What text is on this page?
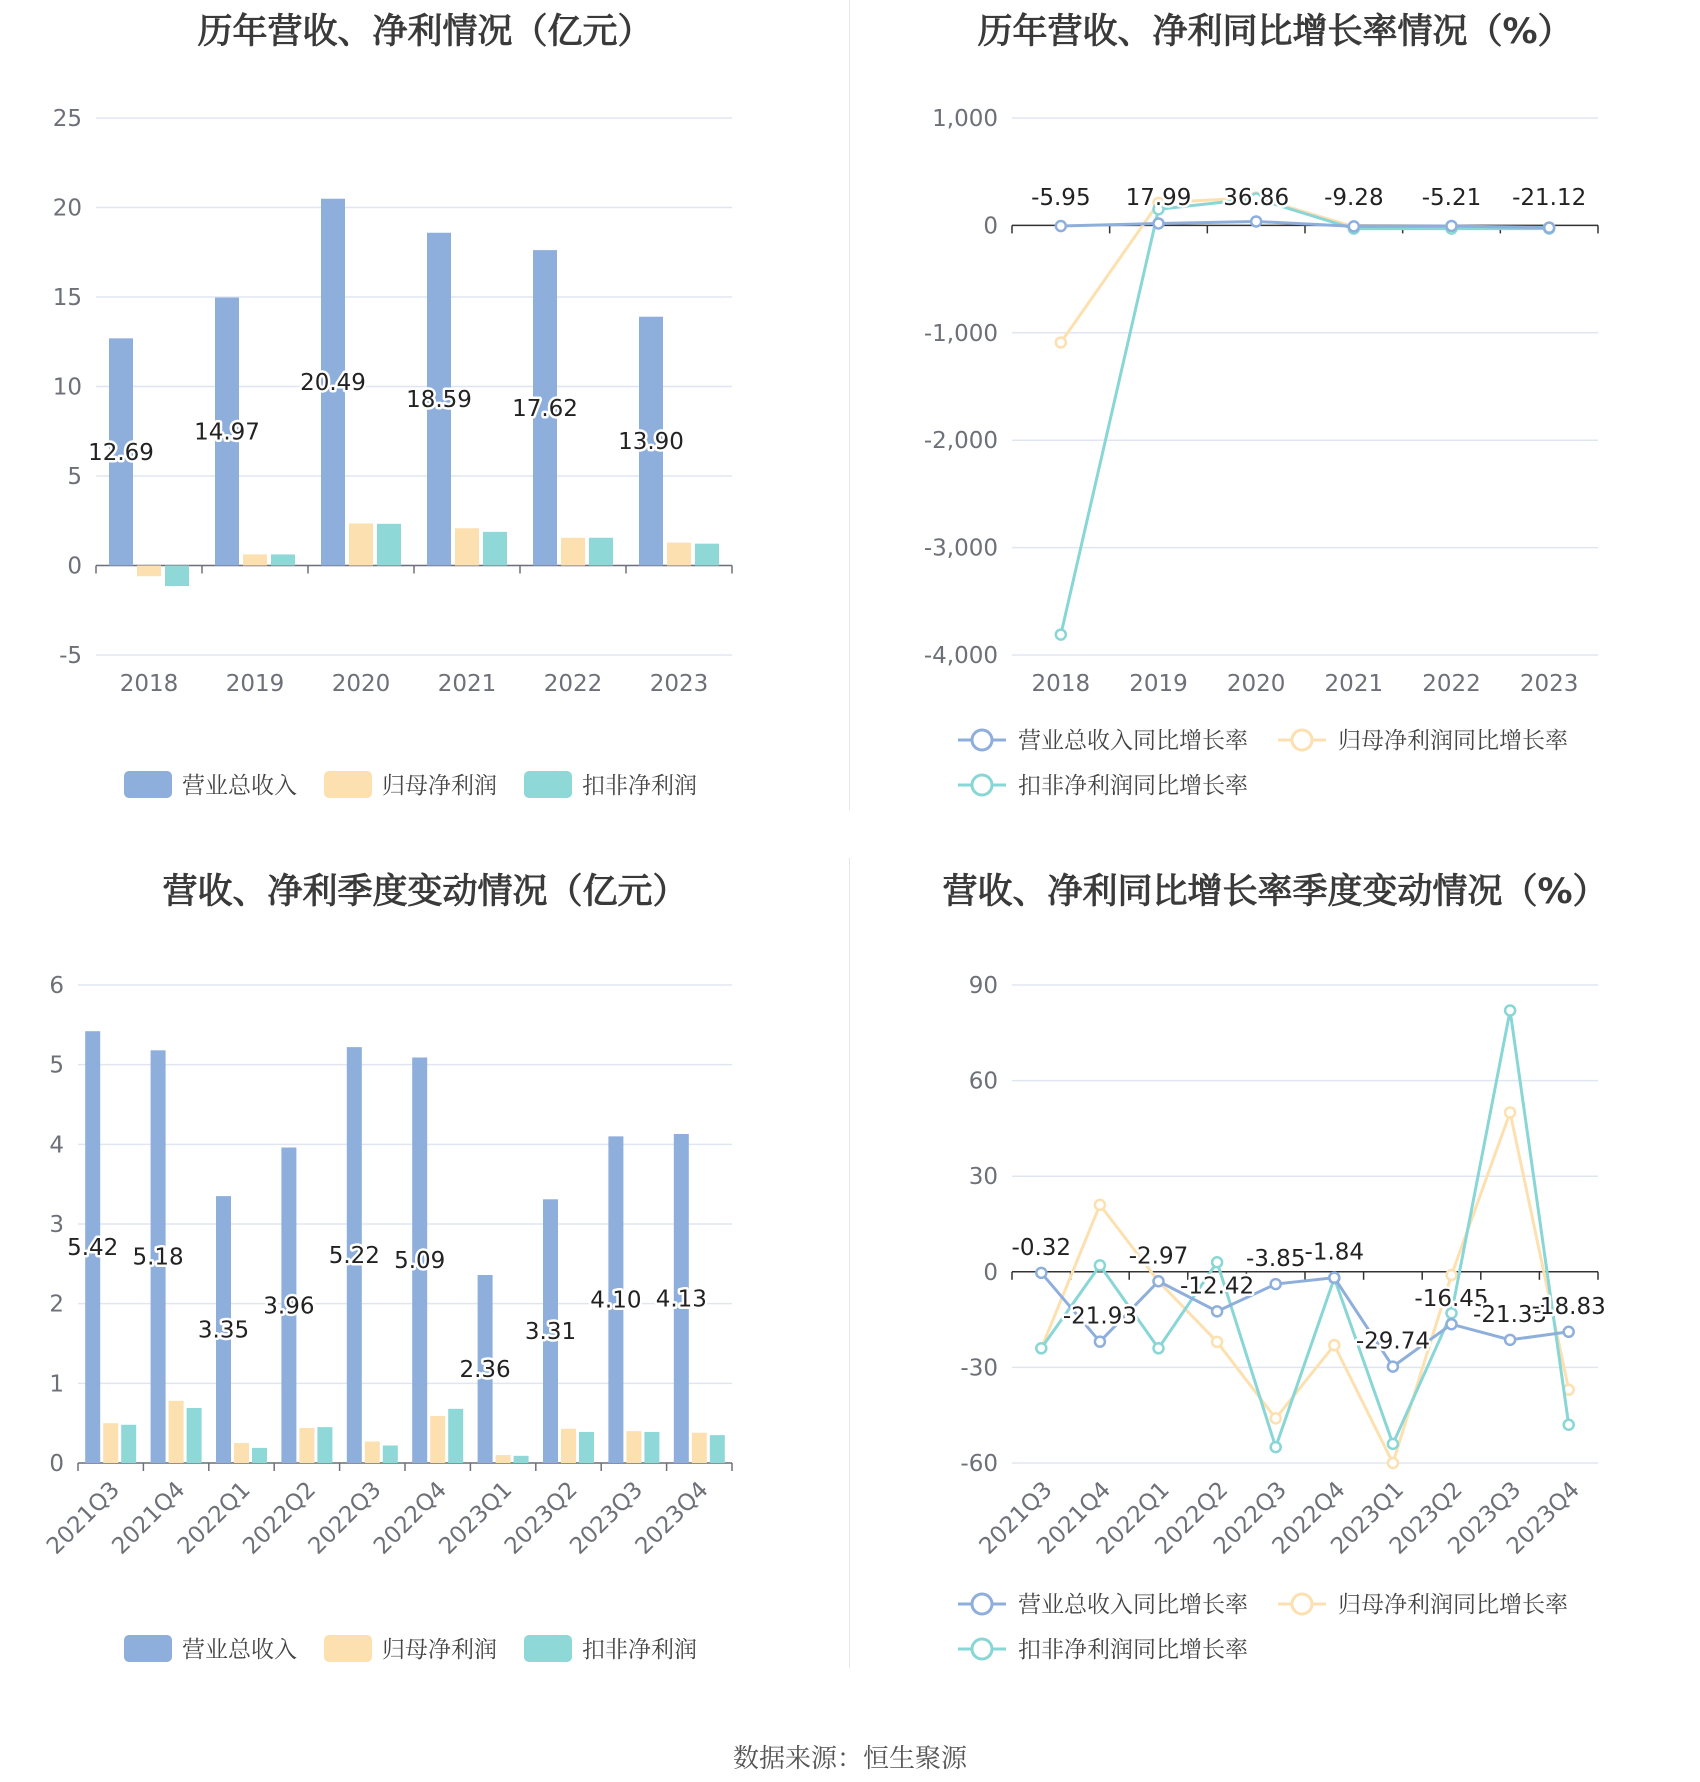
历年营收、净利情况（亿元）
-5
0
5
10
15
20
25
2018 2019 2020 2021 2022 2023
12.69
14.97
20.49
18.59 17.62
13.90
营业总收入	归母净利润	扣非净利润
历年营收、净利同比增长率情况（%）
-4,000
-3,000
-2,000
-1,000
0
1,000
2018 2019 2020 2021 2022 2023
-5.95 17.99 36.86 -9.28 -5.21 -21.12
营业总收入同比增长率	归母净利润同比增长率
扣非净利润同比增长率
营收、净利季度变动情况（亿元）
0
1
2
3
4
5
6
2021Q3
2021Q4
2022Q1
2022Q2
2022Q3
2022Q4
2023Q1
2023Q2
2023Q3
2023Q4
5.42 5.18
3.35
3.96
5.22 5.09
2.36
3.31
4.10 4.13
营业总收入	归母净利润	扣非净利润
营收、净利同比增长率季度变动情况（%）
-60
-30
0
30
60
90
2021Q3
2021Q4
2022Q1
2022Q2
2022Q3
2022Q4
2023Q1
2023Q2
2023Q3
2023Q4
-0.32
-21.93
-2.97
-12.42
-3.85 -1.84
-29.74
-16.45
-21.35
-18.83
营业总收入同比增长率	归母净利润同比增长率
扣非净利润同比增长率
数据来源：恒生聚源
